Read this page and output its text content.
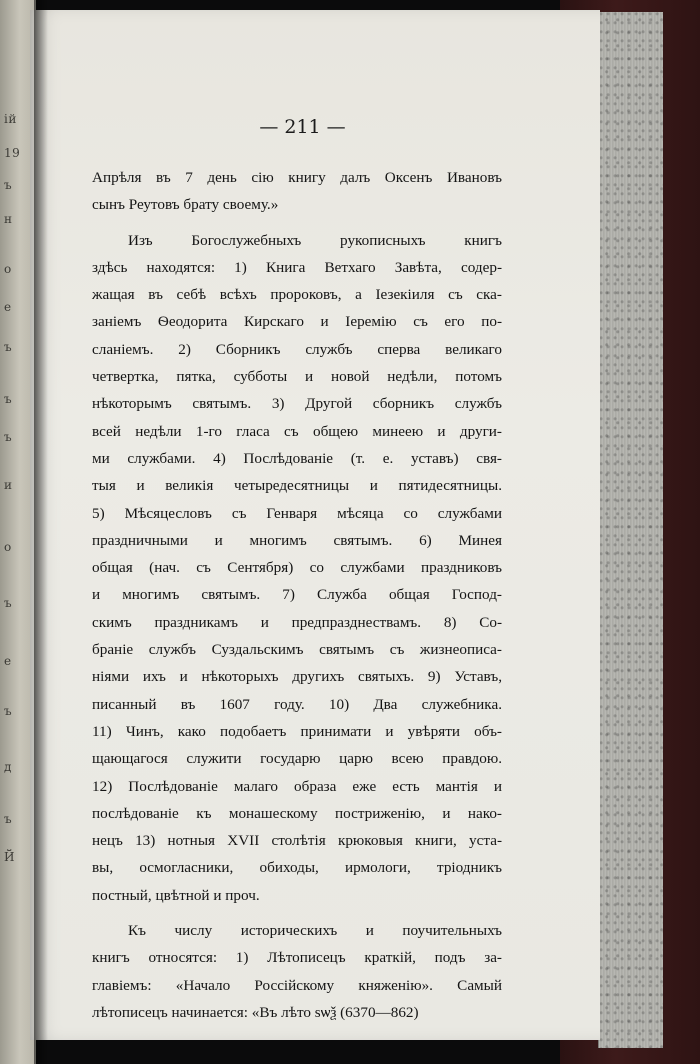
ій
19
ъ
н
о
е
ъ
ъ
ъ
и
о
ъ
е
ъ
д
ъ
Й
— 211 —
Апрѣля въ 7 день сію книгу далъ Оксенъ Ивановъ
сынъ Реутовъ брату своему.»
Изъ Богослужебныхъ рукописныхъ книгъ
здѣсь находятся: 1) Книга Ветхаго Завѣта, содер-
жащая въ себѣ всѣхъ пророковъ, а Іезекіиля съ ска-
заніемъ Ѳеодорита Кирскаго и Іеремію съ его по-
сланіемъ. 2) Сборникъ службъ сперва великаго
четвертка, пятка, субботы и новой недѣли, потомъ
нѣкоторымъ святымъ. 3) Другой сборникъ службъ
всей недѣли 1-го гласа съ общею минеею и други-
ми службами. 4) Послѣдованіе (т. е. уставъ) свя-
тыя и великія четыредесятницы и пятидесятницы.
5) Мѣсяцесловъ съ Генваря мѣсяца со службами
праздничными и многимъ святымъ. 6) Минея
общая (нач. съ Сентября) со службами праздниковъ
и многимъ святымъ. 7) Служба общая Господ-
скимъ праздникамъ и предпразднествамъ. 8) Со-
браніе службъ Суздальскимъ святымъ съ жизнеописа-
ніями ихъ и нѣкоторыхъ другихъ святыхъ. 9) Уставъ,
писанный въ 1607 году. 10) Два служебника.
11) Чинъ, како подобаетъ принимати и увѣряти объ-
щающагося служити государю царю всею правдою.
12) Послѣдованіе малаго образа еже есть мантія и
послѣдованіе къ монашескому постриженію, и нако-
нецъ 13) нотныя XVII столѣтія крюковыя книги, уста-
вы, осмогласники, обиходы, ирмологи, тріодникъ
постный, цвѣтной и проч.
Къ числу историческихъ и поучительныхъ
книгъ относятся: 1) Лѣтописецъ краткій, подъ за-
главіемъ: «Начало Россійскому княженію». Самый
лѣтописецъ начинается: «Въ лѣто ѕѡѯ (6370—862)
